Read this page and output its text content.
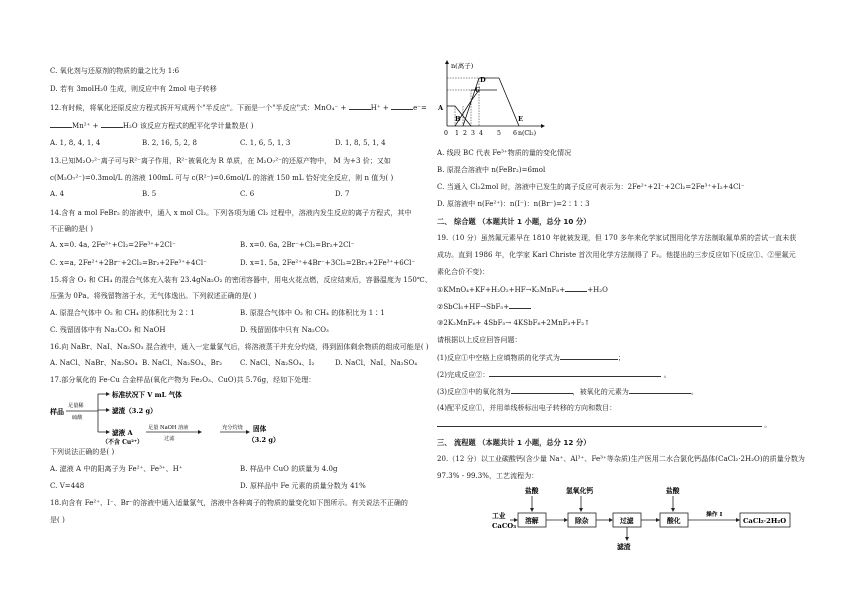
C. 氧化剂与还原剂的物质的量之比为 1:6
D. 若有 3molH₂0 生成，则反应中有 2mol 电子转移
12.有时候，将氧化还原反应方程式拆开写成两个"半反应"。下面是一个"半反应"式：MnO₄⁻ +	H⁺ +	e⁻=
Mn²⁺ +	H₂O 该反应方程式的配平化学计量数是( )
A. 1, 8, 4, 1, 4	B. 2, 16, 5, 2, 8	C. 1, 6, 5, 1, 3	D. 1, 8, 5, 1, 4
13.已知M₂O₇²⁻离子可与R²⁻离子作用，R²⁻被氧化为 R 单质，在 M₂O₇²⁻的还原产物中， M 为+3 价；又如
c(M₂O₇²⁻)=0.3mol/L 的溶液 100mL 可与 c(R²⁻)=0.6mol/L 的溶液 150 mL 恰好完全反应，则 n 值为( )
A. 4	B. 5	C. 6	D. 7
14.含有 a mol FeBr₂ 的溶液中，通入 x mol Cl₂。下列各项为通 Cl₂ 过程中，溶液内发生反应的离子方程式，其中
不正确的是( )
A. x=0. 4a, 2Fe²⁺+Cl₂=2Fe³⁺+2Cl⁻	B. x=0. 6a, 2Br⁻+Cl₂=Br₂+2Cl⁻
C. x=a, 2Fe²⁺+2Br⁻+2Cl₂=Br₂+2Fe³⁺+4Cl⁻	D. x=1. 5a, 2Fe²⁺+4Br⁻+3Cl₂=2Br₂+2Fe³⁺+6Cl⁻
15.将含 O₂ 和 CH₄ 的混合气体充入装有 23.4gNa₂O₂ 的密闭容器中，用电火花点燃，反应结束后，容器温度为 150℃、
压强为 0Pa。将残留物溶于水，无气体逸出。下列叙述正确的是( )
A. 原混合气体中 O₂ 和 CH₄ 的体积比为 2∶1	B. 原混合气体中 O₂ 和 CH₄ 的体积比为 1∶1
C. 残留固体中有 Na₂CO₃ 和 NaOH	D. 残留固体中只有 Na₂CO₃
16.向 NaBr、NaI、Na₂SO₃ 混合液中，通入一定量氯气后，将溶液蒸干并充分灼烧，得到固体剩余物质的组成可能是( )
A. NaCl、NaBr、Na₂SO₄ B. NaCl、Na₂SO₄、Br₂	C. NaCl、Na₂SO₄、I₂	D. NaCl、NaI、Na₂SO₄
17.部分氧化的 Fe-Cu 合金样品(氧化产物为 Fe₂O₃、CuO)共 5.76g，经如下处理：
样品
足量稀
硫酸
标准状况下 V mL 气体
滤渣（3.2 g）
滤液 A
（不含 Cu²⁺）
足量 NaOH 溶液
过滤
充分灼烧 固体
（3.2 g）
下列说法正确的是( )
A. 滤液 A 中的阳离子为 Fe²⁺、Fe³⁺、H⁺	B. 样品中 CuO 的质量为 4.0g
C. V=448	D. 原样品中 Fe 元素的质量分数为 41%
18.向含有 Fe²⁺、I⁻、Br⁻的溶液中通入适量氯气，溶液中各种离子的物质的量变化如下图所示。有关说法不正确的
是( )
n(离子)
0 1 2 3 4 5 6 n(Cl₂)
A
B
C
D
E
A. 线段 BC 代表 Fe³⁺物质的量的变化情况
B. 原混合溶液中 n(FeBr₂)=6mol
C. 当通入 Cl₂2mol 时，溶液中已发生的离子反应可表示为：2Fe²⁺+2I⁻+2Cl₂=2Fe³⁺+I₂+4Cl⁻
D. 原溶液中 n(Fe²⁺)：n(I⁻)：n(Br⁻)=2∶1∶3
二、 综合题 （本题共计 1 小题，总分 10 分）
19.（10 分）虽然氟元素早在 1810 年就被发现，但 170 多年来化学家试图用化学方法制取氟单质的尝试一直未获
成功。直到 1986 年，化学家 Karl Christe 首次用化学方法制得了 F₂。他提出的三步反应如下(反应①、②里氟元
素化合价不变)：
①KMnO₄+KF+H₂O₂+HF→K₂MnF₆+	+H₂O
②SbCl₅+HF→SbF₅+
③2K₂MnF₆+ 4SbF₅→ 4KSbF₆+2MnF₃+F₂↑
请根据以上反应回答问题：
(1)反应①中空格上应填物质的化学式为	；
(2)完成反应②：	。
(3)反应③中的氧化剂为	，被氧化的元素为	。
(4)配平反应①，并用单线桥标出电子转移的方向和数目：
。
三、 流程题 （本题共计 1 小题，总分 12 分）
20.（12 分）以工业碳酸钙(含少量 Na⁺、Al³⁺、Fe³⁺等杂质)生产医用二水合氯化钙晶体(CaCl₂·2H₂O)的质量分数为
97.3% - 99.3%，工艺流程为：
工业
CaCO₃
盐酸	氢氧化钙	盐酸
溶解	除杂	过滤	酸化
操作 I
CaCl₂·2H₂O
滤渣
